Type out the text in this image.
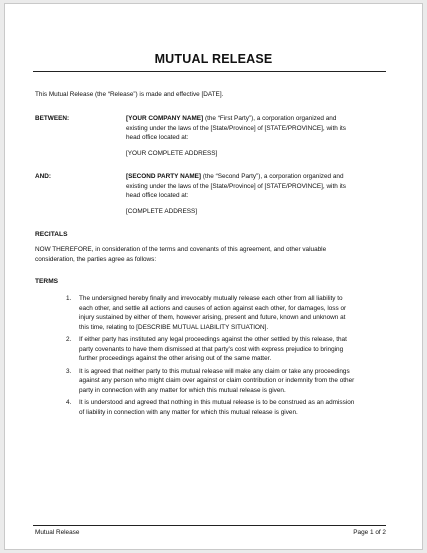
MUTUAL RELEASE
This Mutual Release (the “Release”) is made and effective [DATE].
BETWEEN:	[YOUR COMPANY NAME] (the “First Party”), a corporation organized and
existing under the laws of the [State/Province] of [STATE/PROVINCE], with its
head office located at:
[YOUR COMPLETE ADDRESS]
AND:	[SECOND PARTY NAME] (the “Second Party”), a corporation organized and
existing under the laws of the [State/Province] of [STATE/PROVINCE], with its
head office located at:
[COMPLETE ADDRESS]
RECITALS
NOW THEREFORE, in consideration of the terms and covenants of this agreement, and other valuable
consideration, the parties agree as follows:
TERMS
1. The undersigned hereby finally and irrevocably mutually release each other from all liability to
each other, and settle all actions and causes of action against each other, for damages, loss or
injury sustained by either of them, however arising, present and future, known and unknown at
this time, relating to [DESCRIBE MUTUAL LIABILITY SITUATION].
2. If either party has instituted any legal proceedings against the other settled by this release, that
party covenants to have them dismissed at that party’s cost with express prejudice to bringing
further proceedings against the other arising out of the same matter.
3. It is agreed that neither party to this mutual release will make any claim or take any proceedings
against any person who might claim over against or claim contribution or indemnity from the other
party in connection with any matter for which this mutual release is given.
4. It is understood and agreed that nothing in this mutual release is to be construed as an admission
of liability in connection with any matter for which this mutual release is given.
Mutual Release	Page 1 of 2
